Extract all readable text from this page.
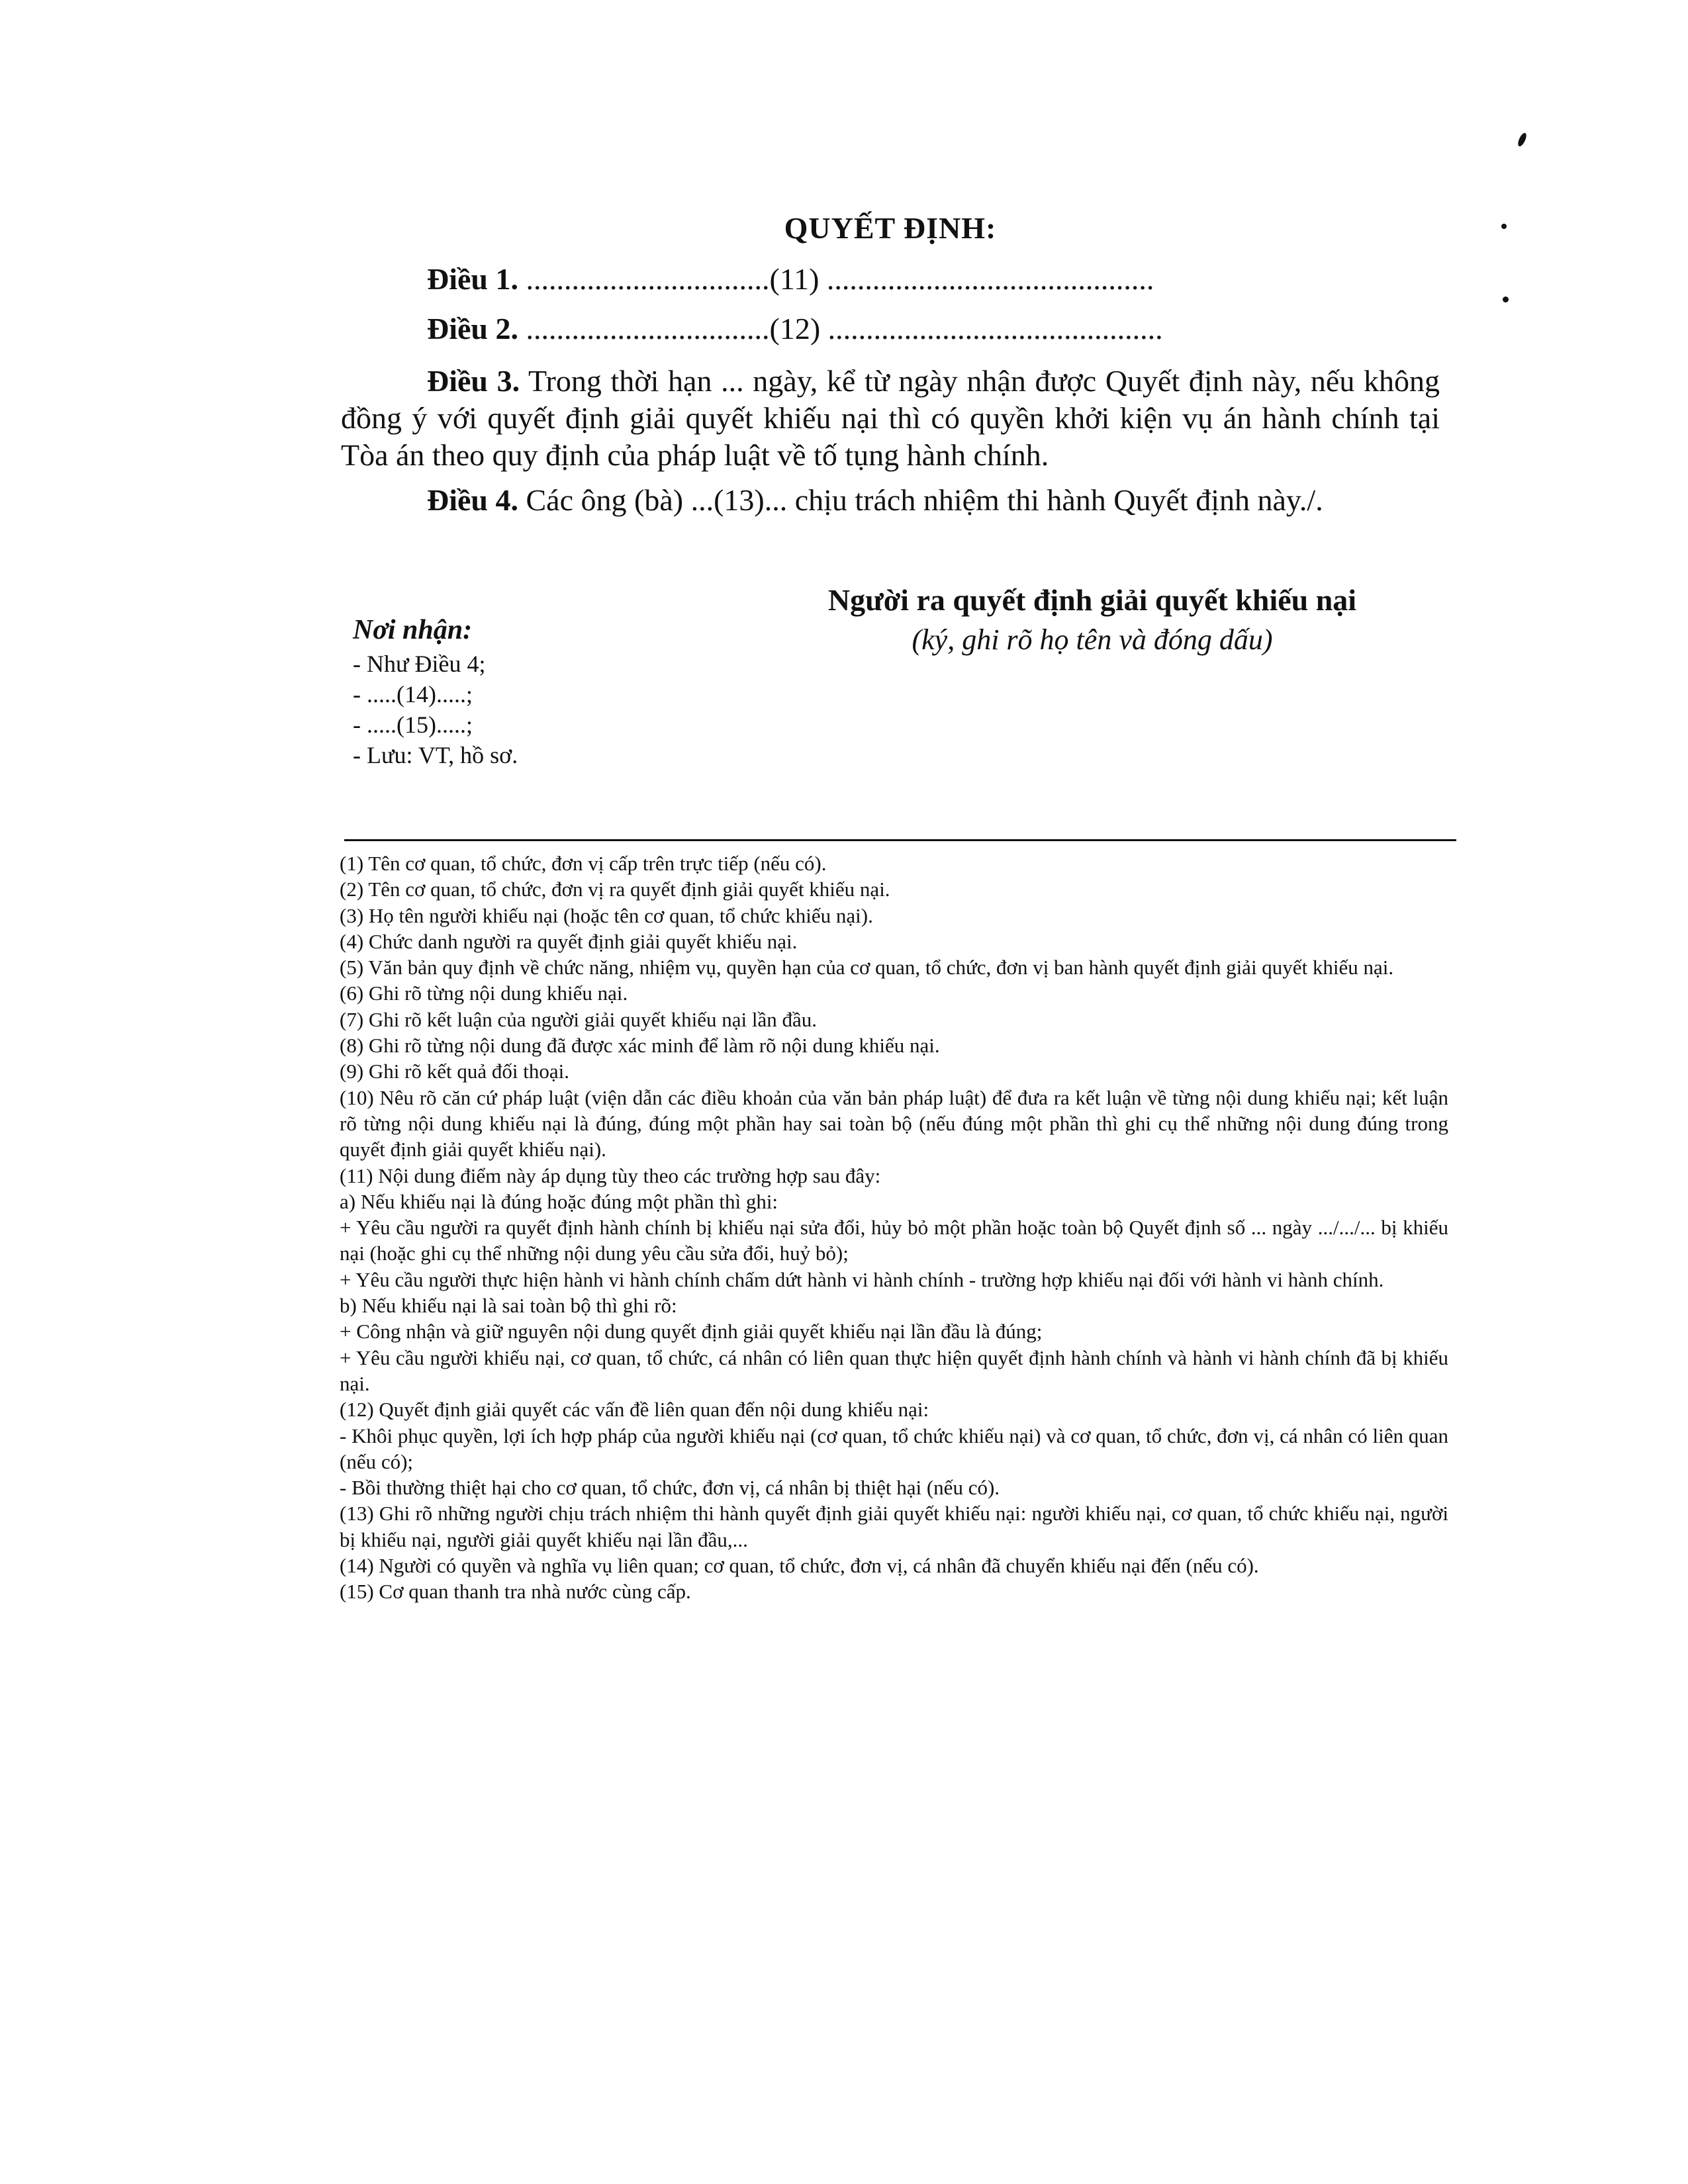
QUYẾT ĐỊNH:
Điều 1. ................................(11) ...........................................
Điều 2. ................................(12) ............................................
Điều 3. Trong thời hạn ... ngày, kể từ ngày nhận được Quyết định này, nếu không đồng ý với quyết định giải quyết khiếu nại thì có quyền khởi kiện vụ án hành chính tại Tòa án theo quy định của pháp luật về tố tụng hành chính.
Điều 4. Các ông (bà) ...(13)... chịu trách nhiệm thi hành Quyết định này./.
Người ra quyết định giải quyết khiếu nại
(ký, ghi rõ họ tên và đóng dấu)
Nơi nhận:
- Như Điều 4;
- .....(14).....;
- .....(15).....;
- Lưu: VT, hồ sơ.
(1) Tên cơ quan, tổ chức, đơn vị cấp trên trực tiếp (nếu có).
(2) Tên cơ quan, tổ chức, đơn vị ra quyết định giải quyết khiếu nại.
(3) Họ tên người khiếu nại (hoặc tên cơ quan, tổ chức khiếu nại).
(4) Chức danh người ra quyết định giải quyết khiếu nại.
(5) Văn bản quy định về chức năng, nhiệm vụ, quyền hạn của cơ quan, tổ chức, đơn vị ban hành quyết định giải quyết khiếu nại.
(6) Ghi rõ từng nội dung khiếu nại.
(7) Ghi rõ kết luận của người giải quyết khiếu nại lần đầu.
(8) Ghi rõ từng nội dung đã được xác minh để làm rõ nội dung khiếu nại.
(9) Ghi rõ kết quả đối thoại.
(10) Nêu rõ căn cứ pháp luật (viện dẫn các điều khoản của văn bản pháp luật) để đưa ra kết luận về từng nội dung khiếu nại; kết luận rõ từng nội dung khiếu nại là đúng, đúng một phần hay sai toàn bộ (nếu đúng một phần thì ghi cụ thể những nội dung đúng trong quyết định giải quyết khiếu nại).
(11) Nội dung điểm này áp dụng tùy theo các trường hợp sau đây:
a) Nếu khiếu nại là đúng hoặc đúng một phần thì ghi:
+ Yêu cầu người ra quyết định hành chính bị khiếu nại sửa đổi, hủy bỏ một phần hoặc toàn bộ Quyết định số ... ngày .../.../... bị khiếu nại (hoặc ghi cụ thể những nội dung yêu cầu sửa đổi, huỷ bỏ);
+ Yêu cầu người thực hiện hành vi hành chính chấm dứt hành vi hành chính - trường hợp khiếu nại đối với hành vi hành chính.
b) Nếu khiếu nại là sai toàn bộ thì ghi rõ:
+ Công nhận và giữ nguyên nội dung quyết định giải quyết khiếu nại lần đầu là đúng;
+ Yêu cầu người khiếu nại, cơ quan, tổ chức, cá nhân có liên quan thực hiện quyết định hành chính và hành vi hành chính đã bị khiếu nại.
(12) Quyết định giải quyết các vấn đề liên quan đến nội dung khiếu nại:
- Khôi phục quyền, lợi ích hợp pháp của người khiếu nại (cơ quan, tổ chức khiếu nại) và cơ quan, tổ chức, đơn vị, cá nhân có liên quan (nếu có);
- Bồi thường thiệt hại cho cơ quan, tổ chức, đơn vị, cá nhân bị thiệt hại (nếu có).
(13) Ghi rõ những người chịu trách nhiệm thi hành quyết định giải quyết khiếu nại: người khiếu nại, cơ quan, tổ chức khiếu nại, người bị khiếu nại, người giải quyết khiếu nại lần đầu,...
(14) Người có quyền và nghĩa vụ liên quan; cơ quan, tổ chức, đơn vị, cá nhân đã chuyển khiếu nại đến (nếu có).
(15) Cơ quan thanh tra nhà nước cùng cấp.
